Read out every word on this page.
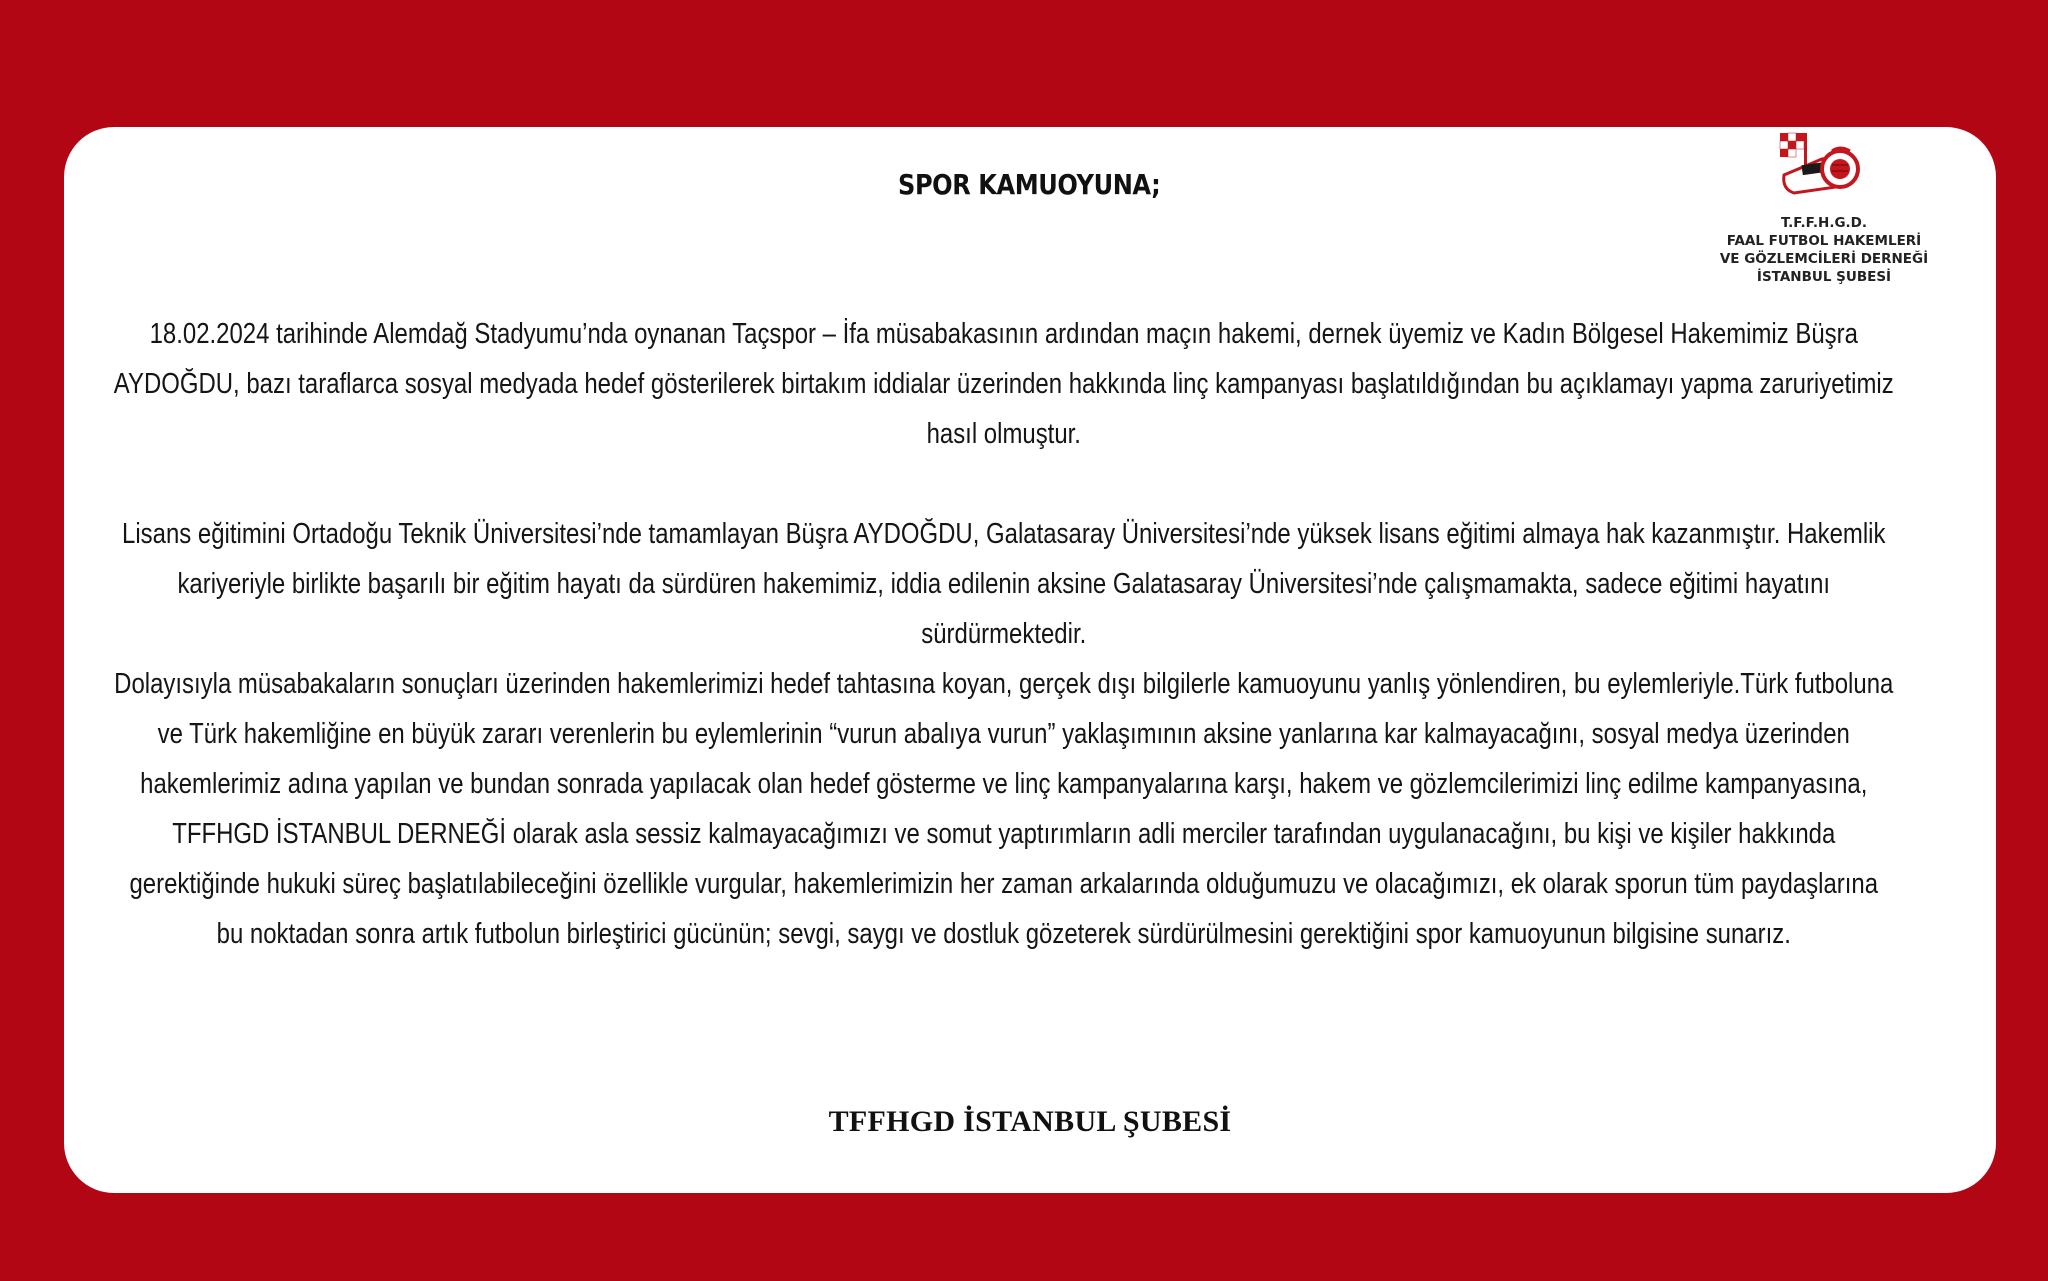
SPOR KAMUOYUNA;
T.F.F.H.G.D.
FAAL FUTBOL HAKEMLERİ
VE GÖZLEMCİLERİ DERNEĞİ
İSTANBUL ŞUBESİ

18.02.2024 tarihinde Alemdağ Stadyumu’nda oynanan Taçspor – İfa müsabakasının ardından maçın hakemi, dernek üyemiz ve Kadın Bölgesel Hakemimiz Büşra AYDOĞDU, bazı taraflarca sosyal medyada hedef gösterilerek birtakım iddialar üzerinden hakkında linç kampanyası başlatıldığından bu açıklamayı yapma zaruriyetimiz hasıl olmuştur.

Lisans eğitimini Ortadoğu Teknik Üniversitesi’nde tamamlayan Büşra AYDOĞDU, Galatasaray Üniversitesi’nde yüksek lisans eğitimi almaya hak kazanmıştır. Hakemlik kariyeriyle birlikte başarılı bir eğitim hayatı da sürdüren hakemimiz, iddia edilenin aksine Galatasaray Üniversitesi’nde çalışmamakta, sadece eğitimi hayatını sürdürmektedir.

Dolayısıyla müsabakaların sonuçları üzerinden hakemlerimizi hedef tahtasına koyan, gerçek dışı bilgilerle kamuoyunu yanlış yönlendiren, bu eylemleriyle.Türk futboluna ve Türk hakemliğine en büyük zararı verenlerin bu eylemlerinin “vurun abalıya vurun” yaklaşımının aksine yanlarına kar kalmayacağını, sosyal medya üzerinden hakemlerimiz adına yapılan ve bundan sonrada yapılacak olan hedef gösterme ve linç kampanyalarına karşı, hakem ve gözlemcilerimizi linç edilme kampanyasına, TFFHGD İSTANBUL DERNEĞİ olarak asla sessiz kalmayacağımızı ve somut yaptırımların adli merciler tarafından uygulanacağını, bu kişi ve kişiler hakkında gerektiğinde hukuki süreç başlatılabileceğini özellikle vurgular, hakemlerimizin her zaman arkalarında olduğumuzu ve olacağımızı, ek olarak sporun tüm paydaşlarına bu noktadan sonra artık futbolun birleştirici gücünün; sevgi, saygı ve dostluk gözeterek sürdürülmesini gerektiğini spor kamuoyunun bilgisine sunarız.

TFFHGD İSTANBUL ŞUBESİ
